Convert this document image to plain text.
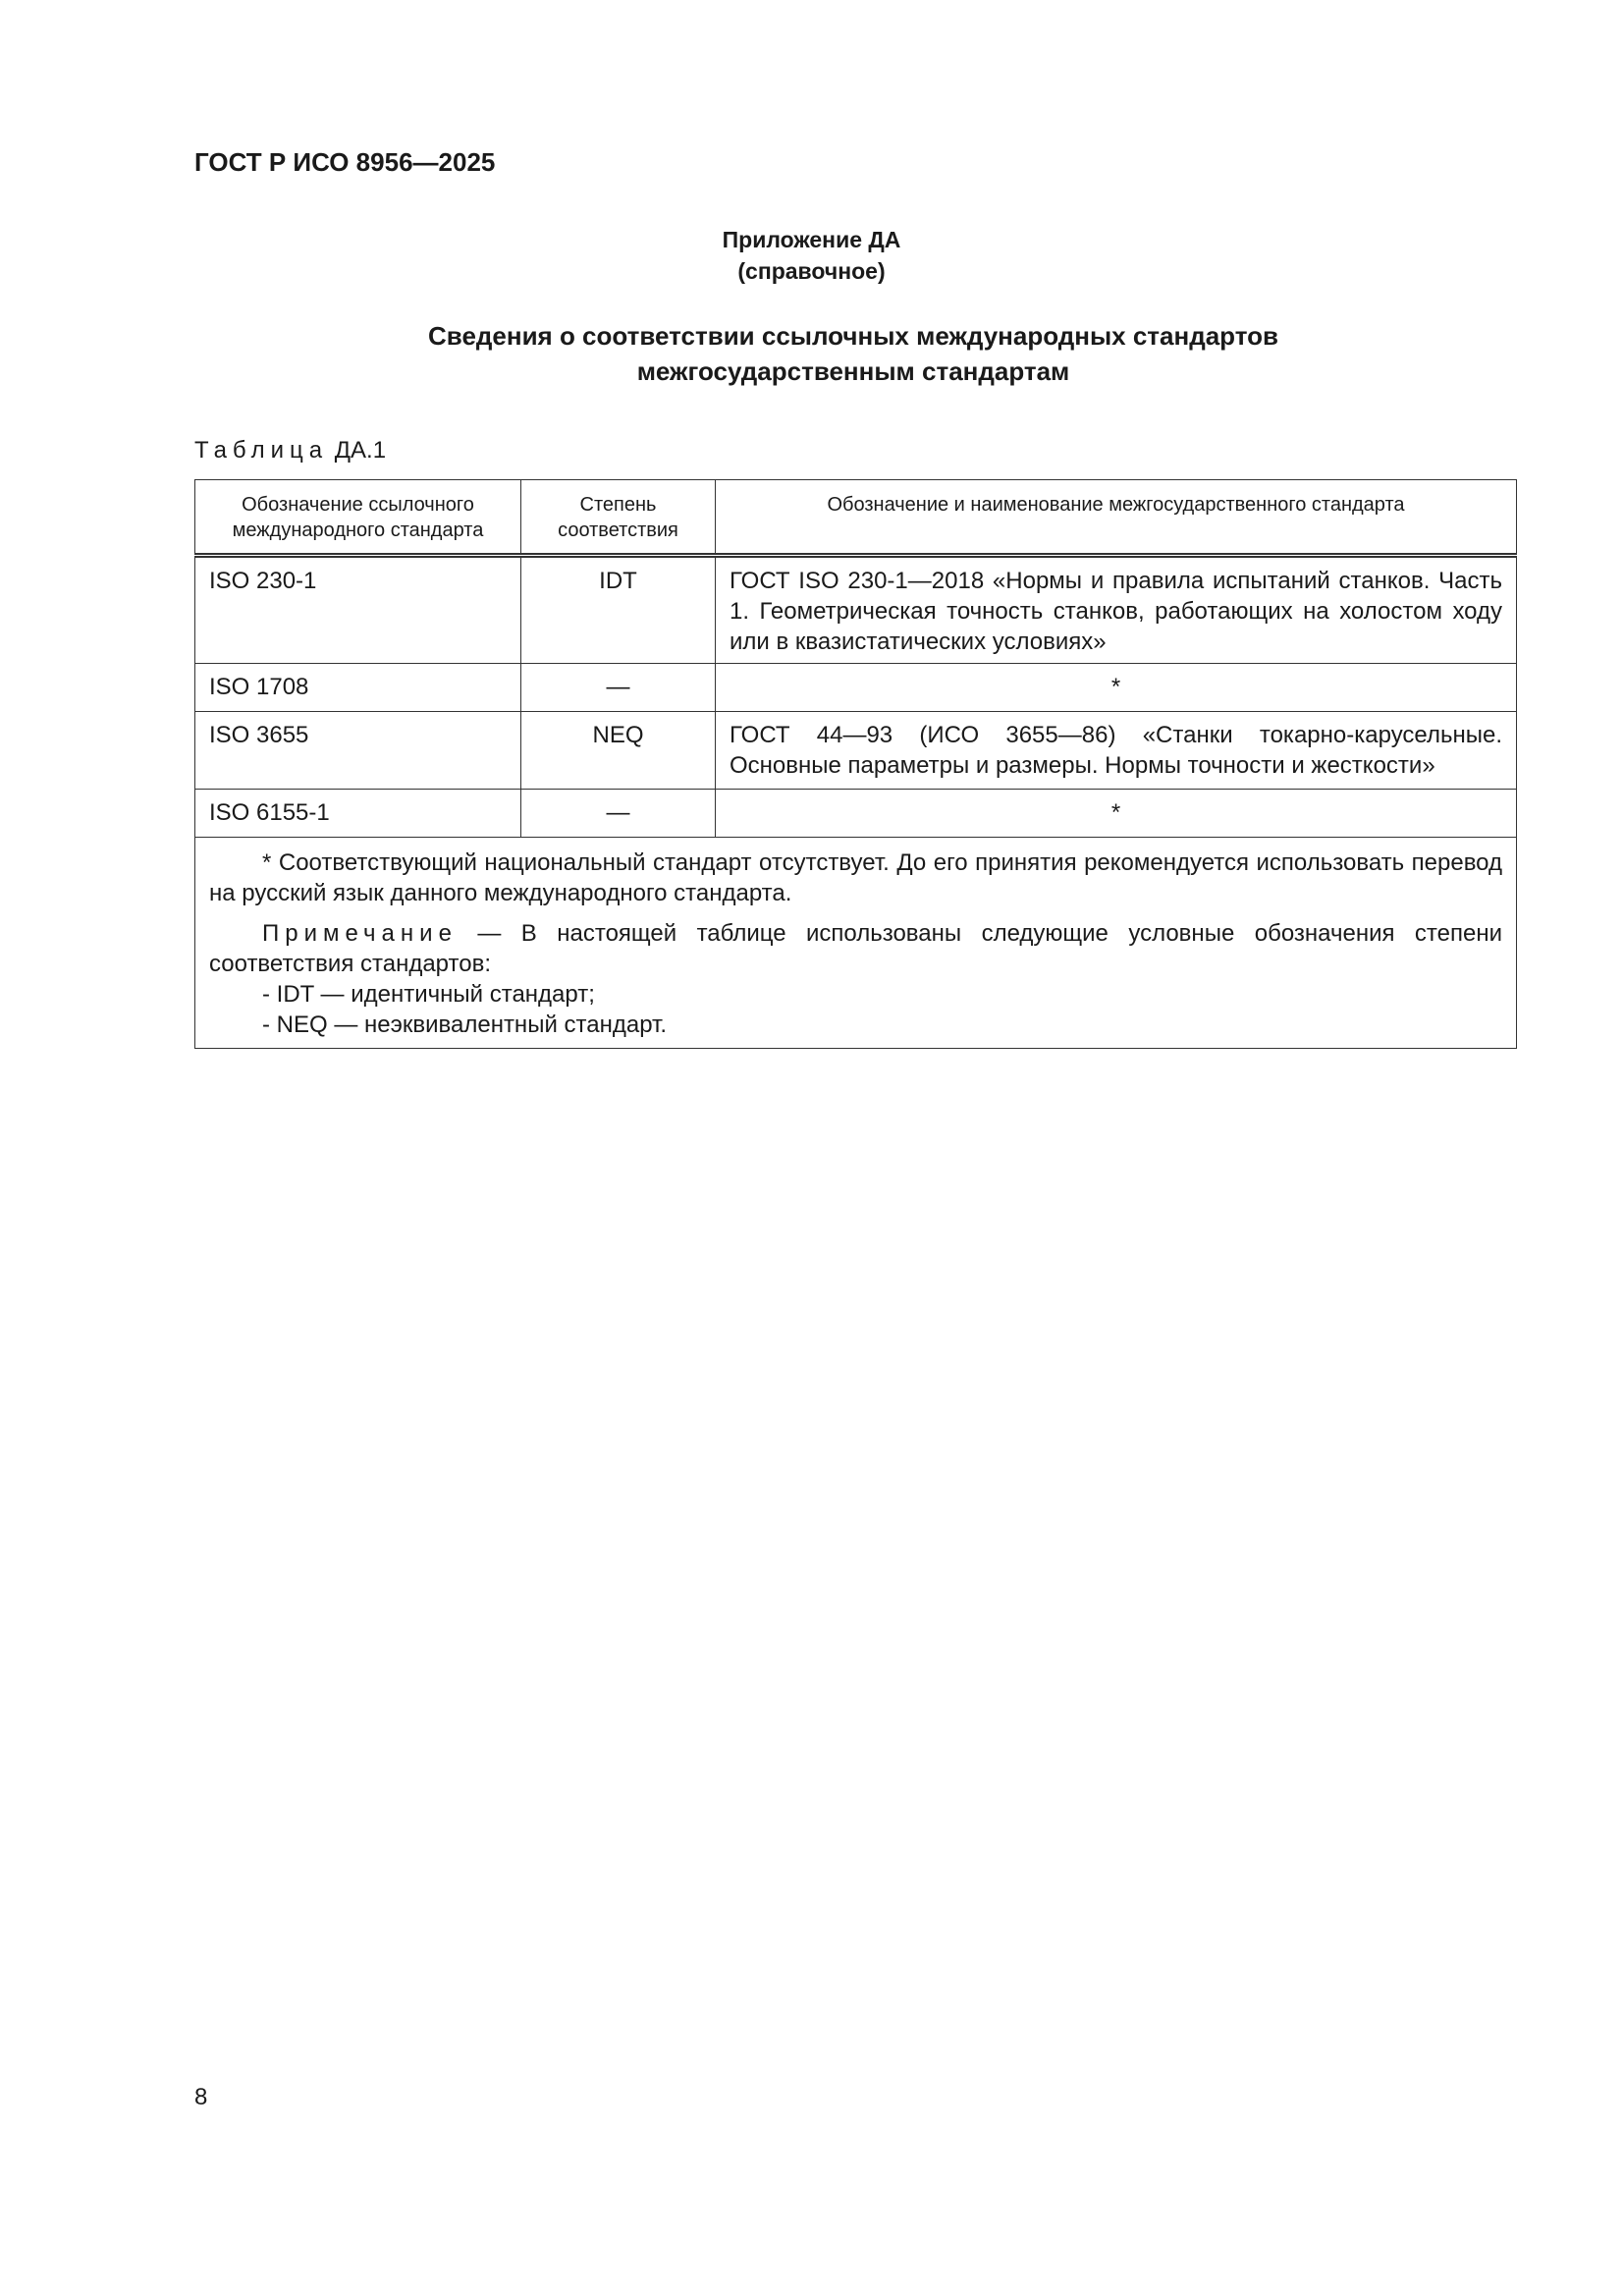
ГОСТ Р ИСО 8956—2025
Приложение ДА
(справочное)
Сведения о соответствии ссылочных международных стандартов
межгосударственным стандартам
Таблица ДА.1
Обозначение ссылочного международного стандарта	Степень соответствия	Обозначение и наименование межгосударственного стандарта
ISO 230-1	IDT	ГОСТ ISO 230-1—2018 «Нормы и правила испытаний станков. Часть 1. Геометрическая точность станков, работающих на холостом ходу или в квазистатических условиях»
ISO 1708	—	*
ISO 3655	NEQ	ГОСТ 44—93 (ИСО 3655—86) «Станки токарно-карусельные. Основные параметры и размеры. Нормы точности и жесткости»
ISO 6155-1	—	*

* Соответствующий национальный стандарт отсутствует. До его принятия рекомендуется использовать перевод на русский язык данного международного стандарта.

Примечание — В настоящей таблице использованы следующие условные обозначения степени соответствия стандартов:

- IDT — идентичный стандарт;

- NEQ — неэквивалентный стандарт.		

8
